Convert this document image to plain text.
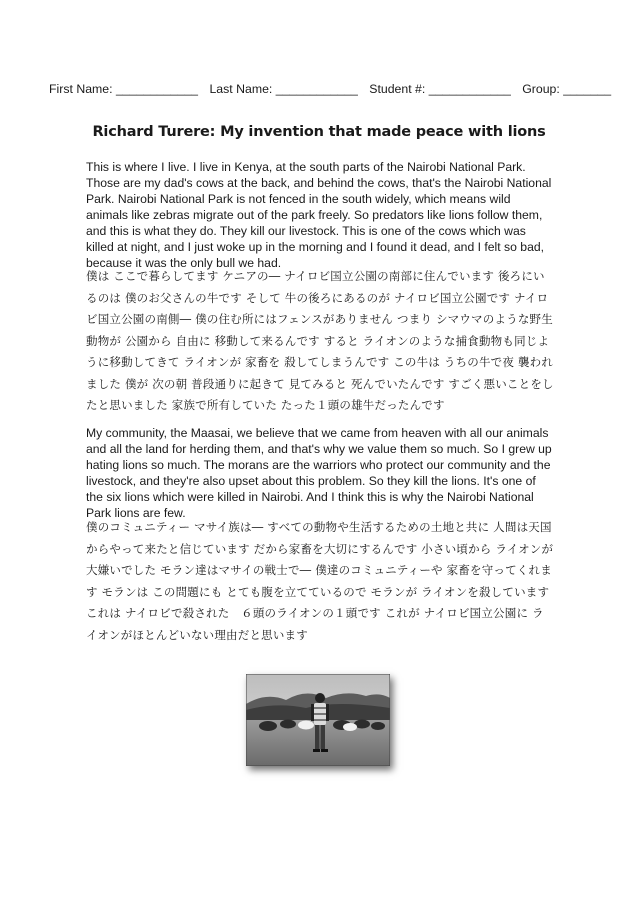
First Name: ____________ Last Name: ____________ Student #: ____________ Group: _______
Richard Turere: My invention that made peace with lions
This is where I live. I live in Kenya, at the south parts of the Nairobi National Park. Those are my dad's cows at the back, and behind the cows, that's the Nairobi National Park. Nairobi National Park is not fenced in the south widely, which means wild animals like zebras migrate out of the park freely. So predators like lions follow them, and this is what they do. They kill our livestock. This is one of the cows which was killed at night, and I just woke up in the morning and I found it dead, and I felt so bad, because it was the only bull we had.
僕は ここで暮らしてます ケニアの― ナイロビ国立公園の南部に住んでいます 後ろにいるのは 僕のお父さんの牛です そして 牛の後ろにあるのが ナイロビ国立公園です ナイロビ国立公園の南側― 僕の住む所にはフェンスがありません つまり シマウマのような野生動物が 公園から 自由に 移動して来るんです すると ライオンのような捕食動物も同じように移動してきて ライオンが 家畜を 殺してしまうんです この牛は うちの牛で夜 襲われました 僕が 次の朝 普段通りに起きて 見てみると 死んでいたんです すごく悪いことをしたと思いました 家族で所有していた たった１頭の雄牛だったんです
My community, the Maasai, we believe that we came from heaven with all our animals and all the land for herding them, and that's why we value them so much. So I grew up hating lions so much. The morans are the warriors who protect our community and the livestock, and they're also upset about this problem. So they kill the lions. It's one of the six lions which were killed in Nairobi. And I think this is why the Nairobi National Park lions are few.
僕のコミュニティー マサイ族は― すべての動物や生活するための土地と共に 人間は天国からやって来たと信じています だから家畜を大切にするんです 小さい頃から ライオンが大嫌いでした モラン達はマサイの戦士で― 僕達のコミュニティーや 家畜を守ってくれます モランは この問題にも とても腹を立てているので モランが ライオンを殺しています これは ナイロビで殺された　６頭のライオンの１頭です これが ナイロビ国立公園に ライオンがほとんどいない理由だと思います
